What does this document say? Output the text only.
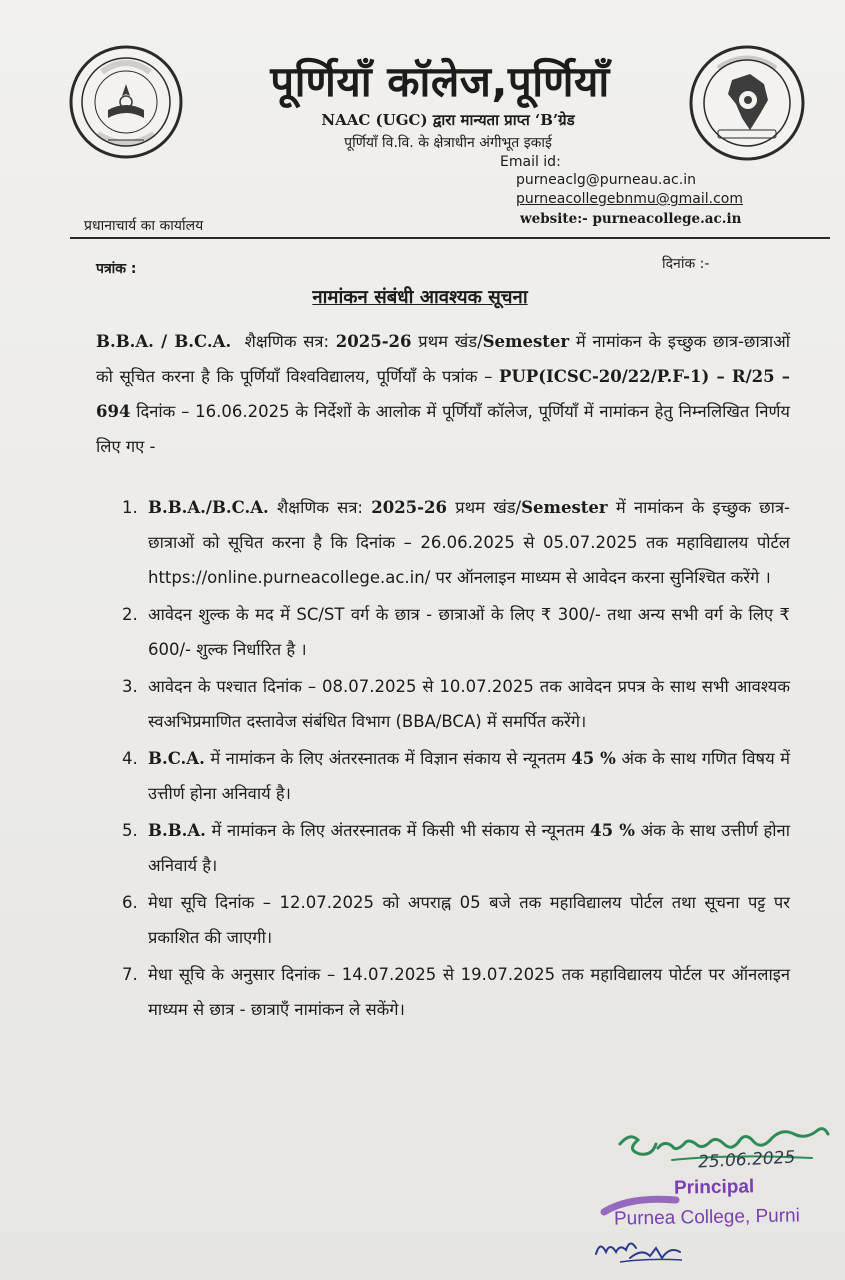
पूर्णियाँ कॉलेज,पूर्णियाँ
NAAC (UGC) द्वारा मान्यता प्राप्त ‘B’ग्रेड
पूर्णियाँ वि.वि. के क्षेत्राधीन अंगीभूत इकाई
Email id:
purneaclg@purneau.ac.in
purneacollegebnmu@gmail.com
website:- purneacollege.ac.in
प्रधानाचार्य का कार्यालय
पत्रांक :	दिनांक :-
नामांकन संबंधी आवश्यक सूचना
B.B.A. / B.C.A. शैक्षणिक सत्र: 2025-26 प्रथम खंड/Semester में नामांकन के इच्छुक छात्र-छात्राओं को सूचित करना है कि पूर्णियाँ विश्वविद्यालय, पूर्णियाँ के पत्रांक – PUP(ICSC-20/22/P.F-1) – R/25 – 694 दिनांक – 16.06.2025 के निर्देशों के आलोक में पूर्णियाँ कॉलेज, पूर्णियाँ में नामांकन हेतु निम्नलिखित निर्णय लिए गए -
1. B.B.A./B.C.A. शैक्षणिक सत्र: 2025-26 प्रथम खंड/Semester में नामांकन के इच्छुक छात्र-छात्राओं को सूचित करना है कि दिनांक – 26.06.2025 से 05.07.2025 तक महाविद्यालय पोर्टल https://online.purneacollege.ac.in/ पर ऑनलाइन माध्यम से आवेदन करना सुनिश्चित करेंगे ।
2. आवेदन शुल्क के मद में SC/ST वर्ग के छात्र - छात्राओं के लिए ₹ 300/- तथा अन्य सभी वर्ग के लिए ₹ 600/- शुल्क निर्धारित है ।
3. आवेदन के पश्चात दिनांक – 08.07.2025 से 10.07.2025 तक आवेदन प्रपत्र के साथ सभी आवश्यक स्वअभिप्रमाणित दस्तावेज संबंधित विभाग (BBA/BCA) में समर्पित करेंगे।
4. B.C.A. में नामांकन के लिए अंतरस्नातक में विज्ञान संकाय से न्यूनतम 45 % अंक के साथ गणित विषय में उत्तीर्ण होना अनिवार्य है।
5. B.B.A. में नामांकन के लिए अंतरस्नातक में किसी भी संकाय से न्यूनतम 45 % अंक के साथ उत्तीर्ण होना अनिवार्य है।
6. मेधा सूचि दिनांक – 12.07.2025 को अपराह्न 05 बजे तक महाविद्यालय पोर्टल तथा सूचना पट्ट पर प्रकाशित की जाएगी।
7. मेधा सूचि के अनुसार दिनांक – 14.07.2025 से 19.07.2025 तक महाविद्यालय पोर्टल पर ऑनलाइन माध्यम से छात्र - छात्राएँ नामांकन ले सकेंगे।
25.06.2025
Principal
Purnea College, Purni
